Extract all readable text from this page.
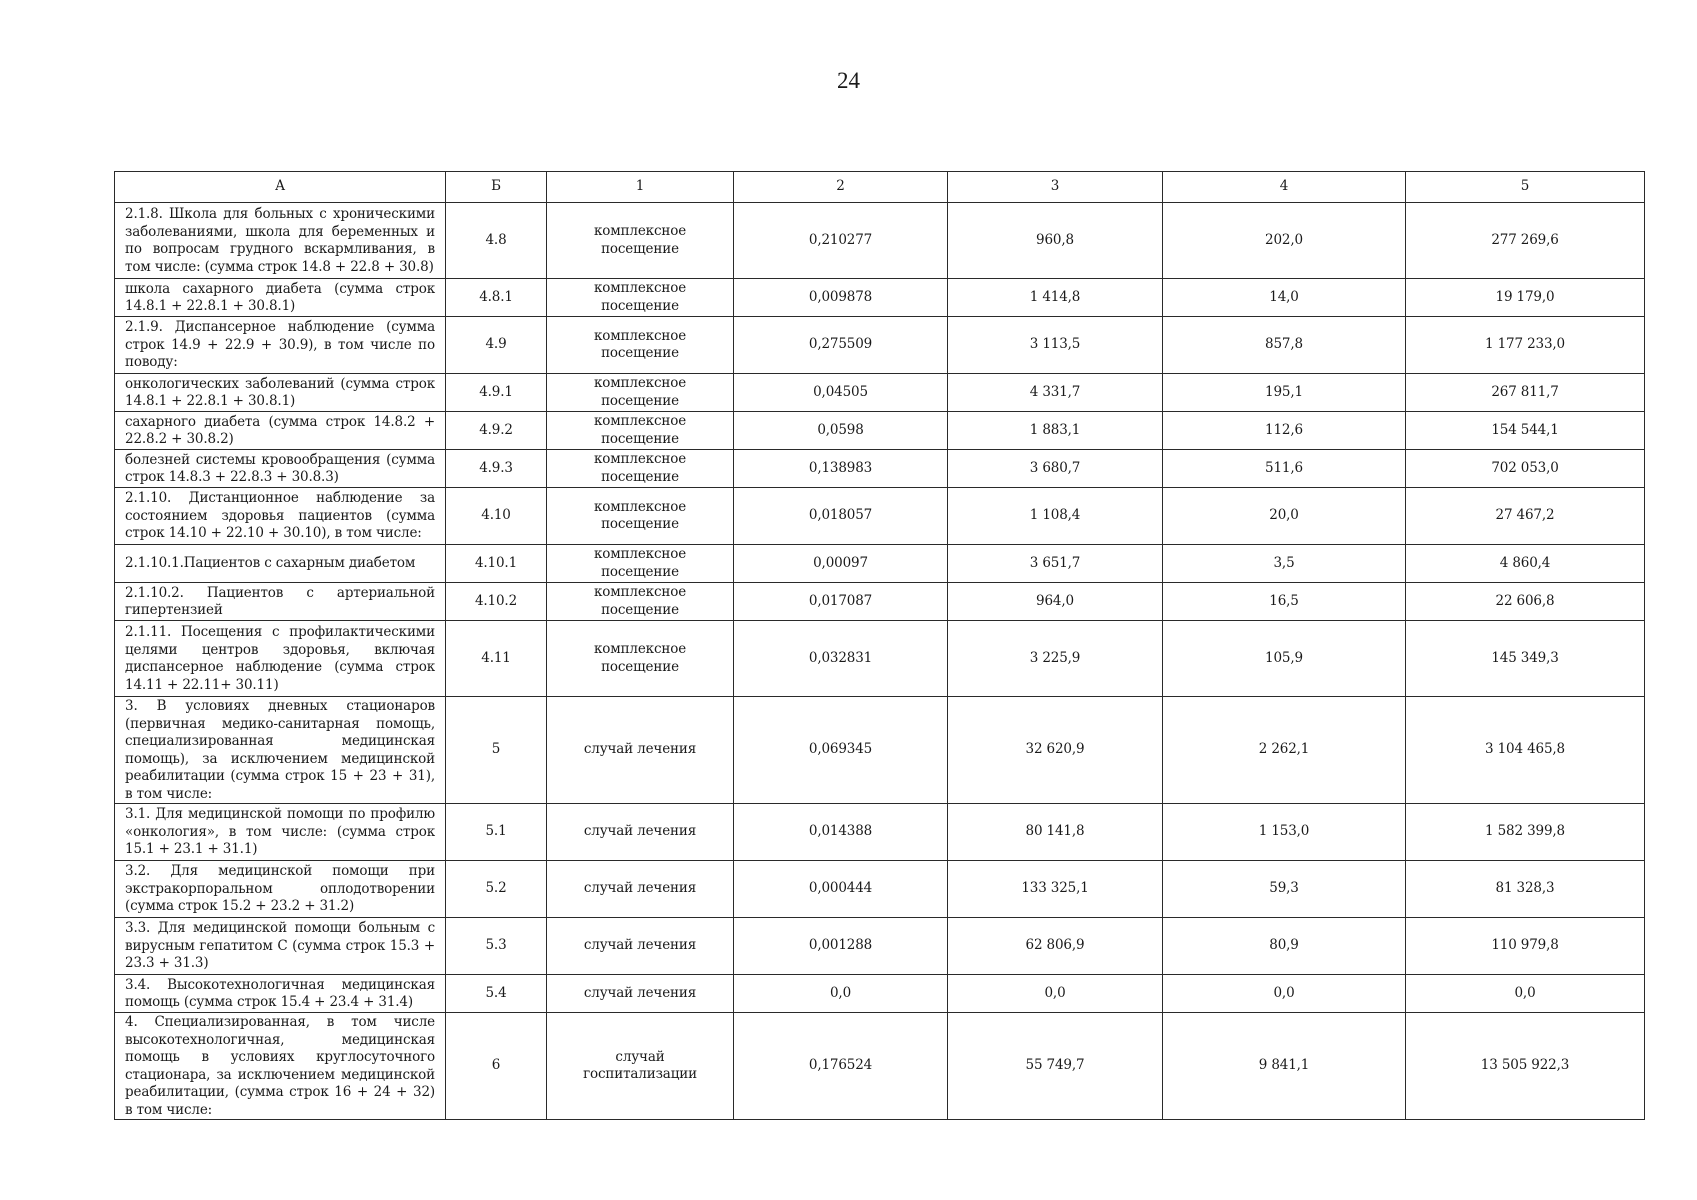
24
А	Б	1	2	3	4	5
2.1.8. Школа для больных с хроническими заболеваниями, школа для беременных и по вопросам грудного вскармливания, в том числе: (сумма строк 14.8 + 22.8 + 30.8)	4.8	комплексное посещение	0,210277	960,8	202,0	277 269,6
школа сахарного диабета (сумма строк 14.8.1 + 22.8.1 + 30.8.1)	4.8.1	комплексное посещение	0,009878	1 414,8	14,0	19 179,0
2.1.9. Диспансерное наблюдение (сумма строк 14.9 + 22.9 + 30.9), в том числе по поводу:	4.9	комплексное посещение	0,275509	3 113,5	857,8	1 177 233,0
онкологических заболеваний (сумма строк 14.8.1 + 22.8.1 + 30.8.1)	4.9.1	комплексное посещение	0,04505	4 331,7	195,1	267 811,7
сахарного диабета (сумма строк 14.8.2 + 22.8.2 + 30.8.2)	4.9.2	комплексное посещение	0,0598	1 883,1	112,6	154 544,1
болезней системы кровообращения (сумма строк 14.8.3 + 22.8.3 + 30.8.3)	4.9.3	комплексное посещение	0,138983	3 680,7	511,6	702 053,0
2.1.10. Дистанционное наблюдение за состоянием здоровья пациентов (сумма строк 14.10 + 22.10 + 30.10), в том числе:	4.10	комплексное посещение	0,018057	1 108,4	20,0	27 467,2
2.1.10.1.Пациентов с сахарным диабетом	4.10.1	комплексное посещение	0,00097	3 651,7	3,5	4 860,4
2.1.10.2. Пациентов с артериальной гипертензией	4.10.2	комплексное посещение	0,017087	964,0	16,5	22 606,8
2.1.11. Посещения с профилактическими целями центров здоровья, включая диспансерное наблюдение (сумма строк 14.11 + 22.11+ 30.11)	4.11	комплексное посещение	0,032831	3 225,9	105,9	145 349,3
3. В условиях дневных стационаров (первичная медико-санитарная помощь, специализированная медицинская помощь), за исключением медицинской реабилитации (сумма строк 15 + 23 + 31), в том числе:	5	случай лечения	0,069345	32 620,9	2 262,1	3 104 465,8
3.1. Для медицинской помощи по профилю «онкология», в том числе: (сумма строк 15.1 + 23.1 + 31.1)	5.1	случай лечения	0,014388	80 141,8	1 153,0	1 582 399,8
3.2. Для медицинской помощи при экстракорпоральном оплодотворении (сумма строк 15.2 + 23.2 + 31.2)	5.2	случай лечения	0,000444	133 325,1	59,3	81 328,3
3.3. Для медицинской помощи больным с вирусным гепатитом С (сумма строк 15.3 + 23.3 + 31.3)	5.3	случай лечения	0,001288	62 806,9	80,9	110 979,8
3.4. Высокотехнологичная медицинская помощь (сумма строк 15.4 + 23.4 + 31.4)	5.4	случай лечения	0,0	0,0	0,0	0,0
4. Специализированная, в том числе высокотехнологичная, медицинская помощь в условиях круглосуточного стационара, за исключением медицинской реабилитации, (сумма строк 16 + 24 + 32) в том числе:	6	случай госпитализации	0,176524	55 749,7	9 841,1	13 505 922,3
